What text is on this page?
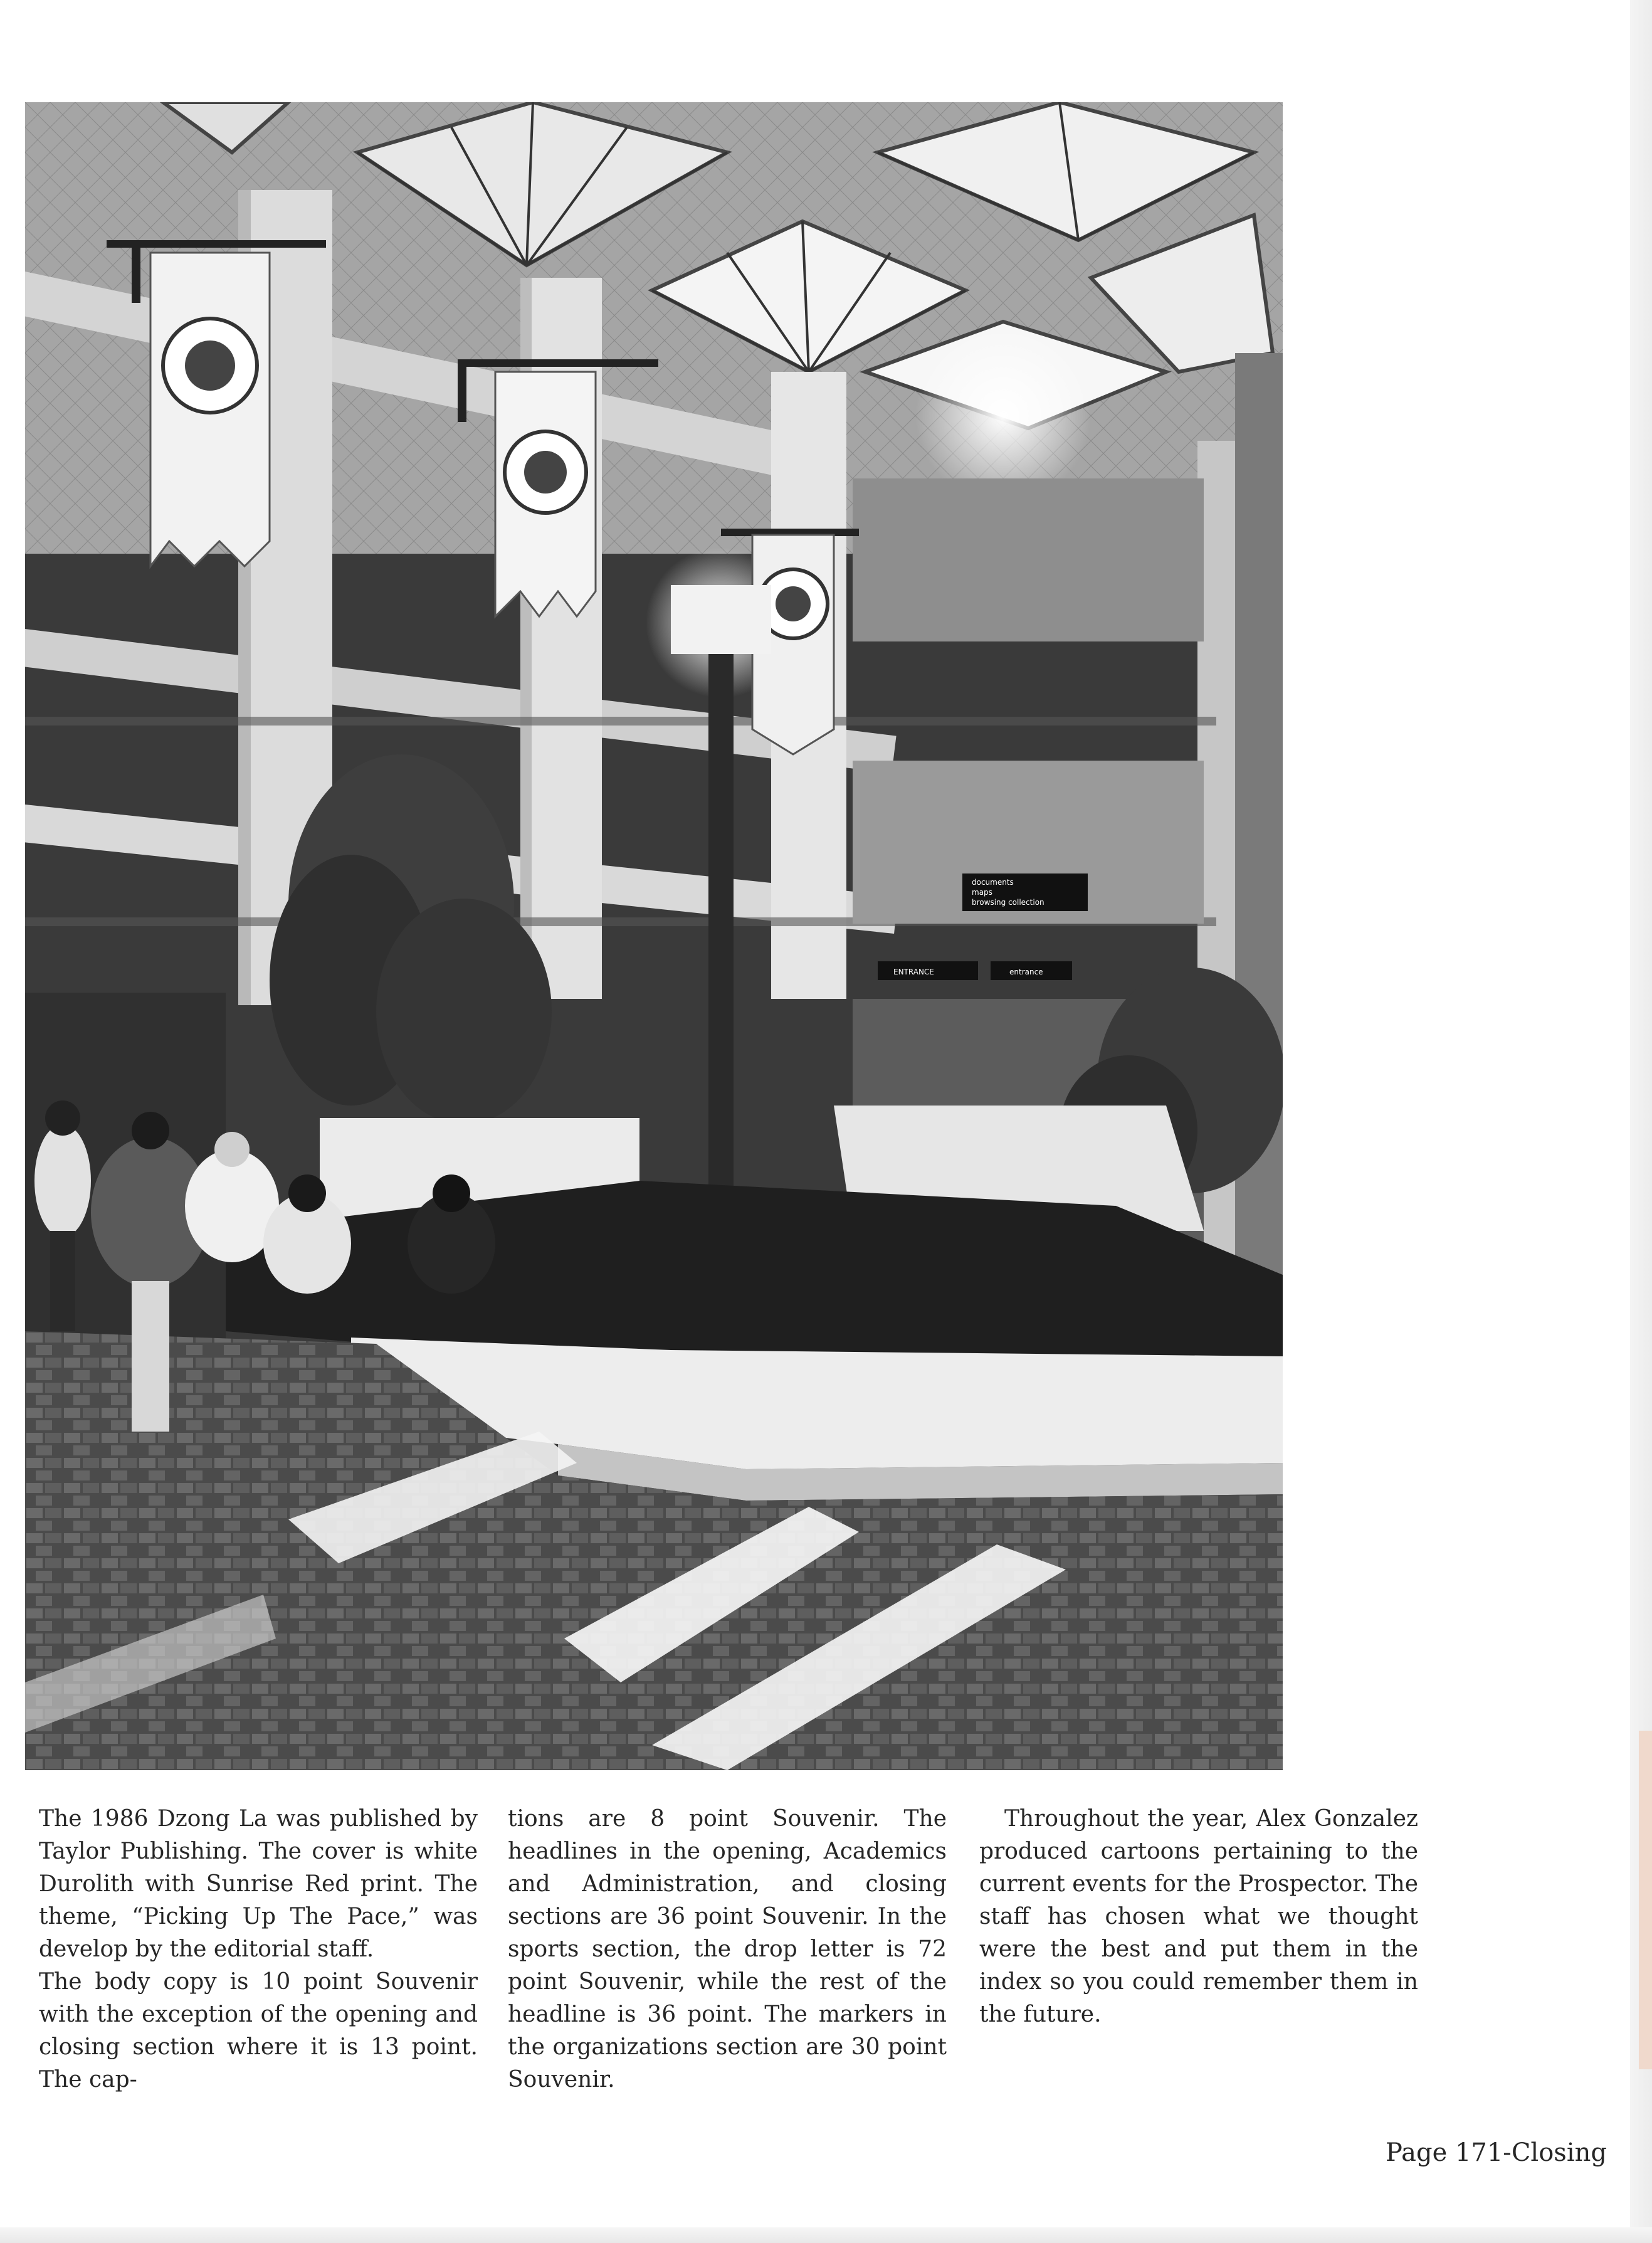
documents
maps
browsing collection
ENTRANCE	entrance

The 1986 Dzong La was published by Taylor Publishing. The cover is white Durolith with Sunrise Red print. The theme, “Picking Up The Pace,” was develop by the editorial staff.

The body copy is 10 point Souvenir with the exception of the opening and closing section where it is 13 point. The cap-

tions are 8 point Souvenir. The headlines in the opening, Academics and Administration, and closing sections are 36 point Souvenir. In the sports section, the drop letter is 72 point Souvenir, while the rest of the headline is 36 point. The markers in the organizations section are 30 point Souvenir.

Throughout the year, Alex Gonzalez produced cartoons pertaining to the current events for the Prospector. The staff has chosen what we thought were the best and put them in the index so you could remember them in the future.

Page 171-Closing
